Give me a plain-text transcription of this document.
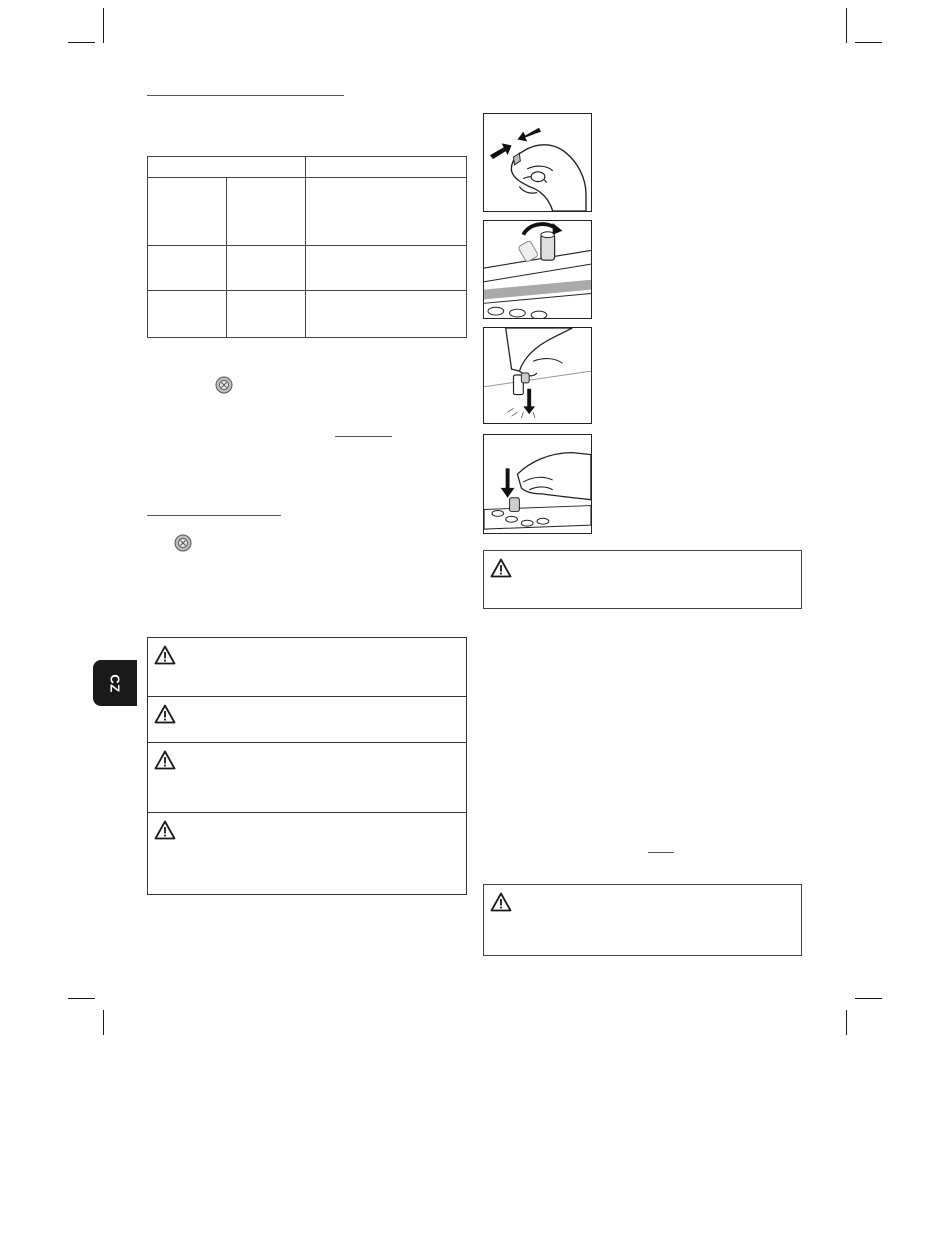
CZ
